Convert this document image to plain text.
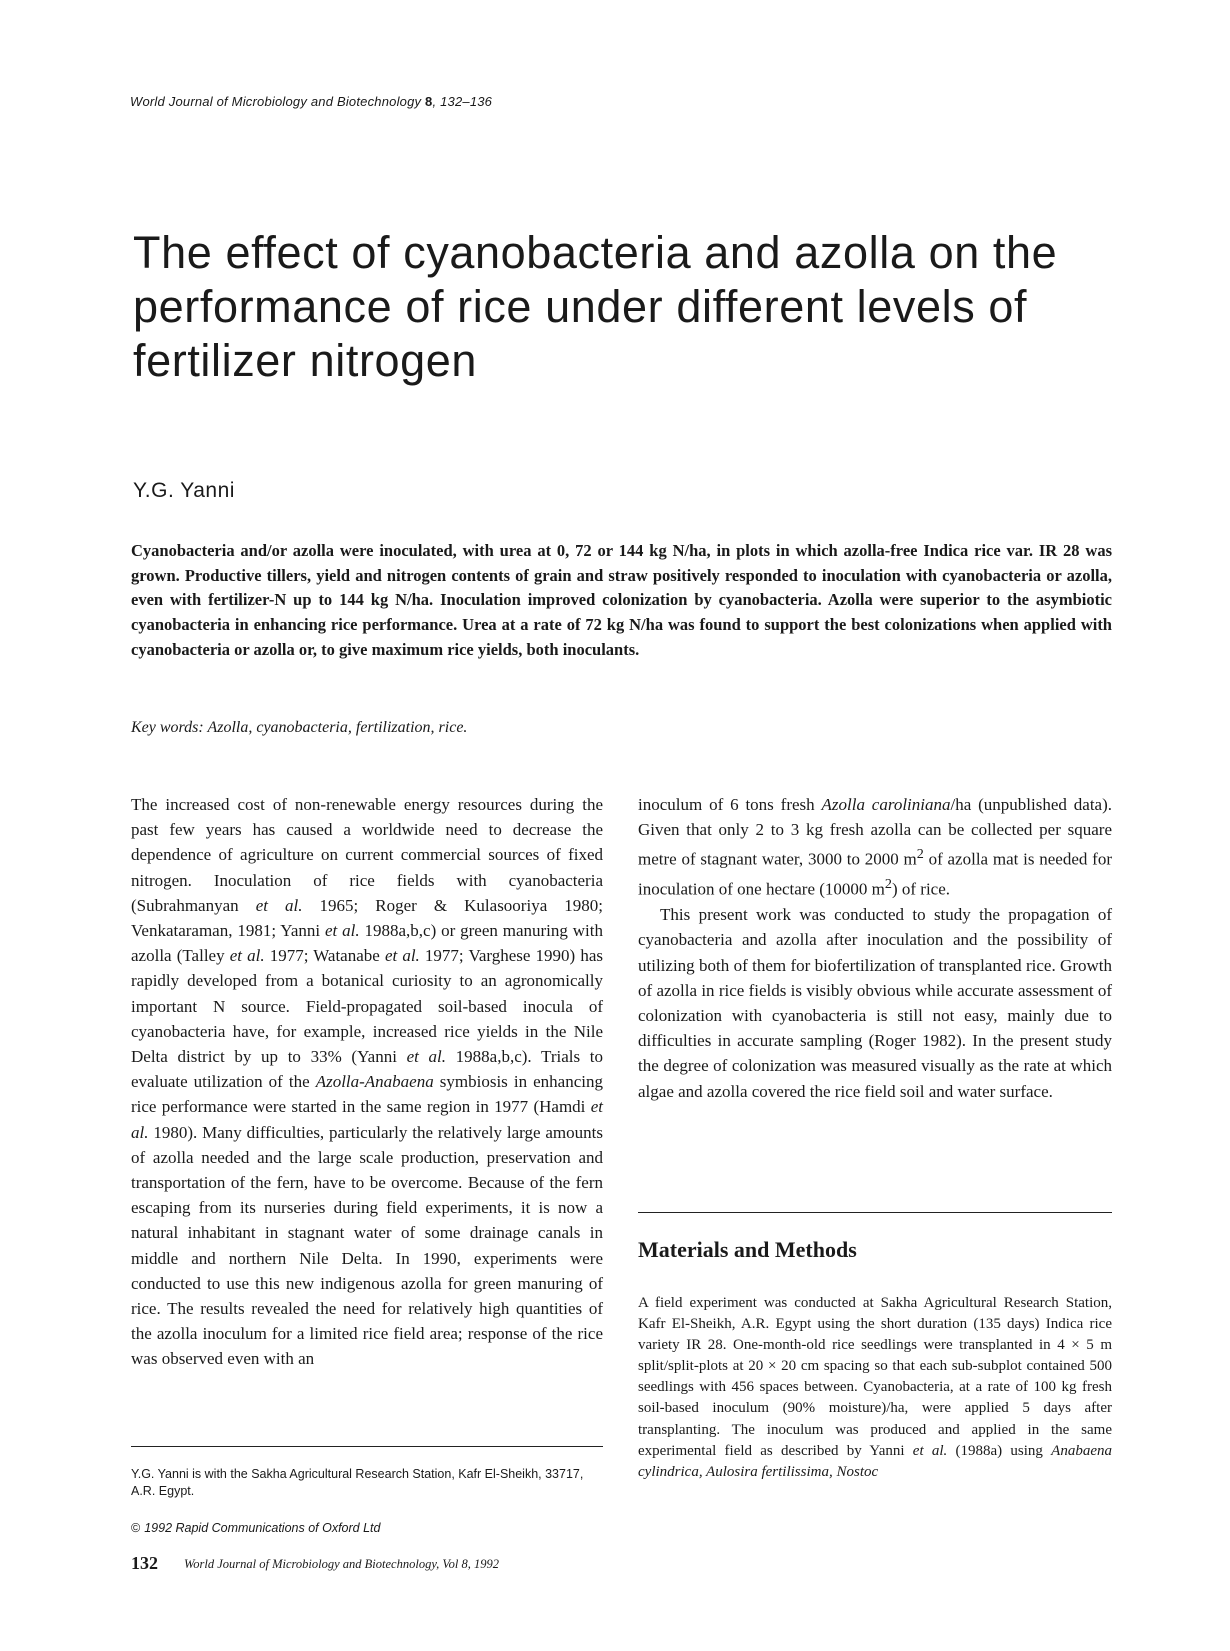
World Journal of Microbiology and Biotechnology 8, 132–136
The effect of cyanobacteria and azolla on the performance of rice under different levels of fertilizer nitrogen
Y.G. Yanni

Cyanobacteria and/or azolla were inoculated, with urea at 0, 72 or 144 kg N/ha, in plots in which azolla-free Indica rice var. IR 28 was grown. Productive tillers, yield and nitrogen contents of grain and straw positively responded to inoculation with cyanobacteria or azolla, even with fertilizer-N up to 144 kg N/ha. Inoculation improved colonization by cyanobacteria. Azolla were superior to the asymbiotic cyanobacteria in enhancing rice performance. Urea at a rate of 72 kg N/ha was found to support the best colonizations when applied with cyanobacteria or azolla or, to give maximum rice yields, both inoculants.

Key words: Azolla, cyanobacteria, fertilization, rice.

The increased cost of non-renewable energy resources during the past few years has caused a worldwide need to decrease the dependence of agriculture on current commercial sources of fixed nitrogen. Inoculation of rice fields with cyanobacteria (Subrahmanyan et al. 1965; Roger & Kulasooriya 1980; Venkataraman, 1981; Yanni et al. 1988a,b,c) or green manuring with azolla (Talley et al. 1977; Watanabe et al. 1977; Varghese 1990) has rapidly developed from a botanical curiosity to an agronomically important N source. Field-propagated soil-based inocula of cyanobacteria have, for example, increased rice yields in the Nile Delta district by up to 33% (Yanni et al. 1988a,b,c). Trials to evaluate utilization of the Azolla-Anabaena symbiosis in enhancing rice performance were started in the same region in 1977 (Hamdi et al. 1980). Many difficulties, particularly the relatively large amounts of azolla needed and the large scale production, preservation and transportation of the fern, have to be overcome. Because of the fern escaping from its nurseries during field experiments, it is now a natural inhabitant in stagnant water of some drainage canals in middle and northern Nile Delta. In 1990, experiments were conducted to use this new indigenous azolla for green manuring of rice. The results revealed the need for relatively high quantities of the azolla inoculum for a limited rice field area; response of the rice was observed even with an

inoculum of 6 tons fresh Azolla caroliniana/ha (unpublished data). Given that only 2 to 3 kg fresh azolla can be collected per square metre of stagnant water, 3000 to 2000 $m^2$ of azolla mat is needed for inoculation of one hectare (10000 $m^2$) of rice.

This present work was conducted to study the propagation of cyanobacteria and azolla after inoculation and the possibility of utilizing both of them for biofertilization of transplanted rice. Growth of azolla in rice fields is visibly obvious while accurate assessment of colonization with cyanobacteria is still not easy, mainly due to difficulties in accurate sampling (Roger 1982). In the present study the degree of colonization was measured visually as the rate at which algae and azolla covered the rice field soil and water surface.

Materials and Methods

A field experiment was conducted at Sakha Agricultural Research Station, Kafr El-Sheikh, A.R. Egypt using the short duration (135 days) Indica rice variety IR 28. One-month-old rice seedlings were transplanted in 4 × 5 m split/split-plots at 20 × 20 cm spacing so that each sub-subplot contained 500 seedlings with 456 spaces between. Cyanobacteria, at a rate of 100 kg fresh soil-based inoculum (90% moisture)/ha, were applied 5 days after transplanting. The inoculum was produced and applied in the same experimental field as described by Yanni et al. (1988a) using Anabaena cylindrica, Aulosira fertilissima, Nostoc

Y.G. Yanni is with the Sakha Agricultural Research Station, Kafr El-Sheikh, 33717, A.R. Egypt.

© 1992 Rapid Communications of Oxford Ltd
132 World Journal of Microbiology and Biotechnology, Vol 8, 1992
